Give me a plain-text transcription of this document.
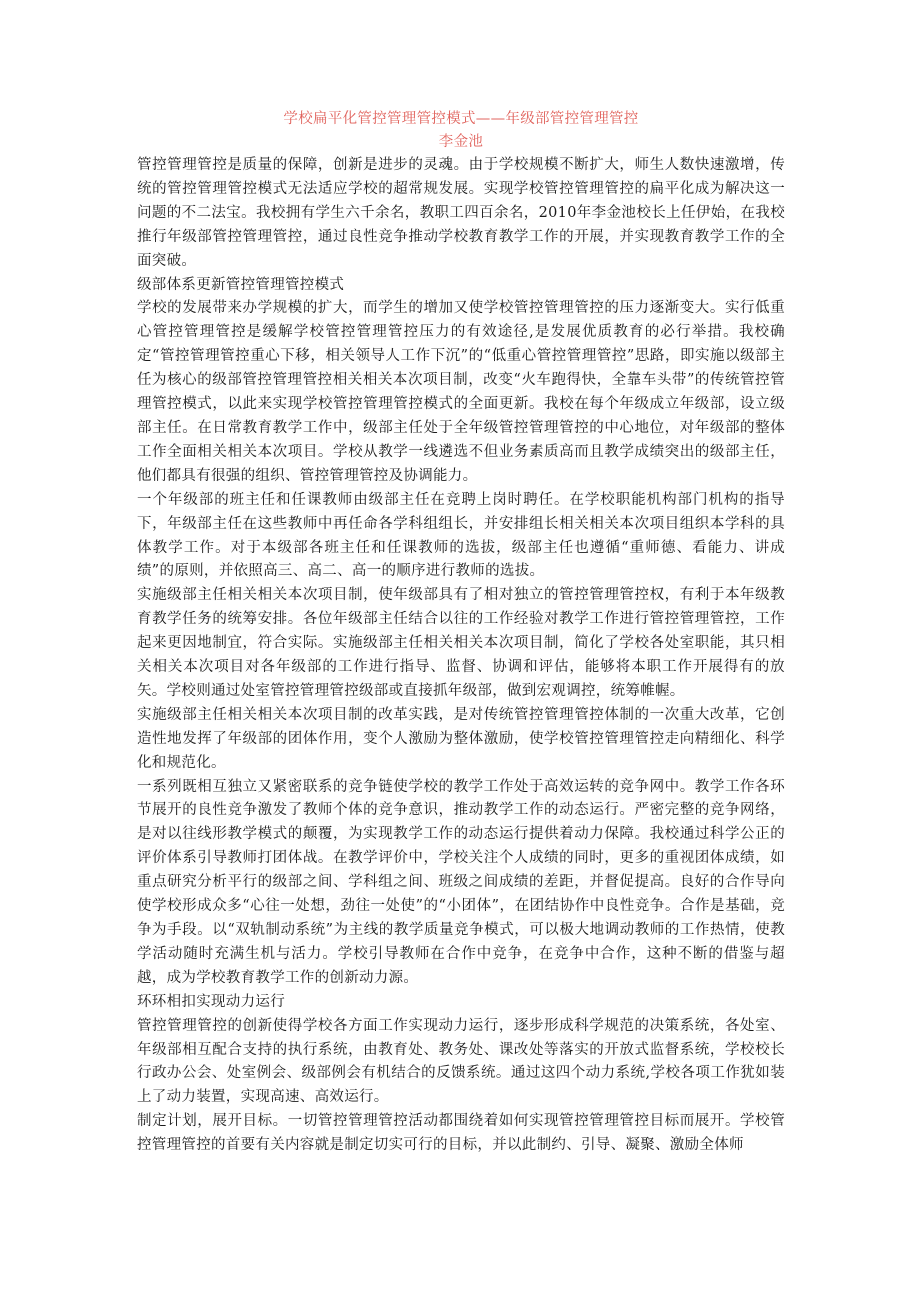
学校扁平化管控管理管控模式——年级部管控管理管控
李金池

管控管理管控是质量的保障，创新是进步的灵魂。由于学校规模不断扩大，师生人数快速激增，传统的管控管理管控模式无法适应学校的超常规发展。实现学校管控管理管控的扁平化成为解决这一问题的不二法宝。我校拥有学生六千余名，教职工四百余名，2010年李金池校长上任伊始，在我校推行年级部管控管理管控，通过良性竞争推动学校教育教学工作的开展，并实现教育教学工作的全面突破。

级部体系更新管控管理管控模式

学校的发展带来办学规模的扩大，而学生的增加又使学校管控管理管控的压力逐渐变大。实行低重心管控管理管控是缓解学校管控管理管控压力的有效途径,是发展优质教育的必行举措。我校确定“管控管理管控重心下移，相关领导人工作下沉”的“低重心管控管理管控”思路，即实施以级部主任为核心的级部管控管理管控相关相关本次项目制，改变“火车跑得快，全靠车头带”的传统管控管理管控模式，以此来实现学校管控管理管控模式的全面更新。我校在每个年级成立年级部，设立级部主任。在日常教育教学工作中，级部主任处于全年级管控管理管控的中心地位，对年级部的整体工作全面相关相关本次项目。学校从教学一线遴选不但业务素质高而且教学成绩突出的级部主任，他们都具有很强的组织、管控管理管控及协调能力。

一个年级部的班主任和任课教师由级部主任在竞聘上岗时聘任。在学校职能机构部门机构的指导下，年级部主任在这些教师中再任命各学科组组长，并安排组长相关相关本次项目组织本学科的具体教学工作。对于本级部各班主任和任课教师的选拔，级部主任也遵循“重师德、看能力、讲成绩”的原则，并依照高三、高二、高一的顺序进行教师的选拔。

实施级部主任相关相关本次项目制，使年级部具有了相对独立的管控管理管控权，有利于本年级教育教学任务的统筹安排。各位年级部主任结合以往的工作经验对教学工作进行管控管理管控，工作起来更因地制宜，符合实际。实施级部主任相关相关本次项目制，简化了学校各处室职能，其只相关相关本次项目对各年级部的工作进行指导、监督、协调和评估，能够将本职工作开展得有的放矢。学校则通过处室管控管理管控级部或直接抓年级部，做到宏观调控，统筹帷幄。

实施级部主任相关相关本次项目制的改革实践，是对传统管控管理管控体制的一次重大改革，它创造性地发挥了年级部的团体作用，变个人激励为整体激励，使学校管控管理管控走向精细化、科学化和规范化。

一系列既相互独立又紧密联系的竞争链使学校的教学工作处于高效运转的竞争网中。教学工作各环节展开的良性竞争激发了教师个体的竞争意识，推动教学工作的动态运行。严密完整的竞争网络，是对以往线形教学模式的颠覆，为实现教学工作的动态运行提供着动力保障。我校通过科学公正的评价体系引导教师打团体战。在教学评价中，学校关注个人成绩的同时，更多的重视团体成绩，如重点研究分析平行的级部之间、学科组之间、班级之间成绩的差距，并督促提高。良好的合作导向使学校形成众多“心往一处想，劲往一处使”的“小团体”，在团结协作中良性竞争。合作是基础，竞争为手段。以“双轨制动系统”为主线的教学质量竞争模式，可以极大地调动教师的工作热情，使教学活动随时充满生机与活力。学校引导教师在合作中竞争，在竞争中合作，这种不断的借鉴与超越，成为学校教育教学工作的创新动力源。

环环相扣实现动力运行

管控管理管控的创新使得学校各方面工作实现动力运行，逐步形成科学规范的决策系统，各处室、年级部相互配合支持的执行系统，由教育处、教务处、课改处等落实的开放式监督系统，学校校长行政办公会、处室例会、级部例会有机结合的反馈系统。通过这四个动力系统,学校各项工作犹如装上了动力装置，实现高速、高效运行。

制定计划，展开目标。一切管控管理管控活动都围绕着如何实现管控管理管控目标而展开。学校管控管理管控的首要有关内容就是制定切实可行的目标，并以此制约、引导、凝聚、激励全体师
